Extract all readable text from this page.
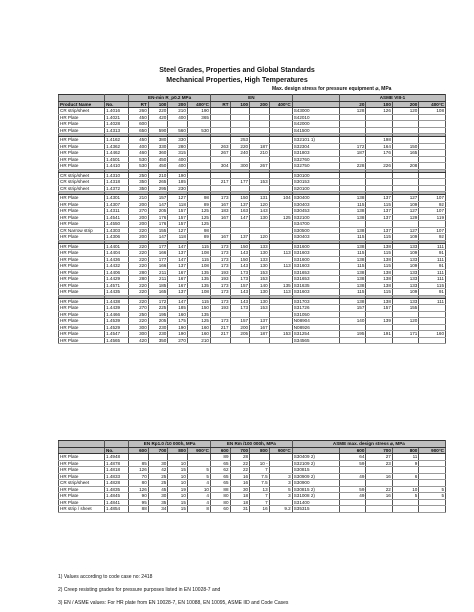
Steel Grades, Properties and Global Standards
Mechanical Properties, High Temperatures
Max. design stress for pressure equipment ⌀, MPa
		EN-min R_p0.2 MPa				EN					ASME VIII-1			
Product Name	No.	RT	100	200	400°C	RT	100	200	400°C		20	100	200	400°C
CR strip/sheet	1.4016	260	220	210	190					S43000	128	126	120	108
HR Plate	1.4021	450	420	400	365					S42010				
HR Plate	1.4028	600								S42000				
HR Plate	1.4313	650	590	560	530					S41500				

HR Plate	1.4162	450	380	330			253			S32101 1)		198		
HR Plate	1.4362	400	330	280		263	220	187		S32304	172	164	150	
HR Plate	1.4462	460	360	315		267	240	210		S31803	187	176	165	
HR Plate	1.4501	530	450	400						S32760				
HR Plate	1.4410	530	450	400		304	300	267		S32750	228	226	208	

CR strip/sheet	1.4310	250	210	190						S30100				
CR strip/sheet	1.4318	350	265	185		217	177	153		S30153				
CR strip/sheet	1.4372	350	295	230						S20100				

HR Plate	1.4301	210	157	127	98	173	150	131	104	S30400	138	137	127	107
HR Plate	1.4307	200	147	118	89	167	137	120		S30403	115	115	109	92
HR Plate	1.4311	270	205	157	125	183	163	143		S30453	138	137	127	107
HR Plate	1.4541	200	176	157	125	167	147	130	125	S32100	138	137	129	119
HR Plate	1.4550	200	176	157	125					S34700				
CR Narrow strip	1.4303	220	155	127	98					S30500	138	137	127	107
HR Plate	1.4306	200	147	118	89	167	137	120		S30403	115	115	109	92

HR Plate	1.4401	220	177	147	115	173	150	133		S31600	138	138	133	111
HR Plate	1.4404	220	166	137	108	173	143	130	113	S31603	115	115	109	91
HR Plate	1.4436	220	177	147	115	173	150	133		S31600	138	138	133	111
HR Plate	1.4432	220	166	137	108	173	143	130	113	S31603	115	115	109	91
HR Plate	1.4406	280	211	167	135	193	173	153		S31653	138	138	133	111
HR Plate	1.4429	280	211	167	135	193	173	153		S31653	138	138	133	111
HR Plate	1.4571	220	185	167	135	173	157	140	135	S31635	138	138	133	115
HR Plate	1.4435	220	165	137	108	173	143	130	113	S31603	115	115	109	91

HR Plate	1.4438	220	172	147	115	173	143	130		S31703	138	138	133	111
HR Plate	1.4439	270	225	185	150	193	173	153		S31726	157	157	155	
HR Plate	1.4466	250	195	160	135					S31050				
HR Plate	1.4539	220	205	175	125	173	157	137		N08904	140	139	120	
HR Plate	1.4529	300	230	190	160	217	200	167		N08926				
HR Plate	1.4547	300	230	190	160	217	205	187	153	S31254	195	191	171	160
HR Plate	1.4565	420	350	270	210					S34565				
		EN Rp1.0 /10 000h, MPa				EN Rm /100 000h, MPa				ASME max. design stress ⌀, MPa				
	No.	600	700	800	900°C	600	700	800	900°C		600	700	800	900°C
HR Plate	1.4948					89	28			S30409 2)	64	27	11	
HR Plate	1.4878	85	30	10		65	22	10 -		S32109 2)	59	23	9	
HR Plate	1.4818	126	42	15	5	62	22	7		S30815				
HR Plate	1.4833	70	25	10	5	65	16	7.5	3	S30909 2)	49	16	6	
CR strip/sheet	1.4828	80	25	10	4	65	16	7.5	3	S30900				
HR Plate	1.4835	126	45	19	10	88	30	13	5	S30815 2)	59	22	10	5
HR Plate	1.4845	90	30	10	4	80	18	7	3	S31008 2)	49	16	5	5
HR Plate	1.4841	95	35	15	4	80	18	7		S31400				
HR strip / sheet	1.4854	88	34	15	8	60	31	16	9.2	S35315				
1) Values according to code case no: 2418
2) Creep resisting grades for pressure purposes listed in EN 10028-7 and
3) EN / ASME values: For HR plate from EN 10028-7, EN 10088, EN 10095, ASME IID and Code Cases
